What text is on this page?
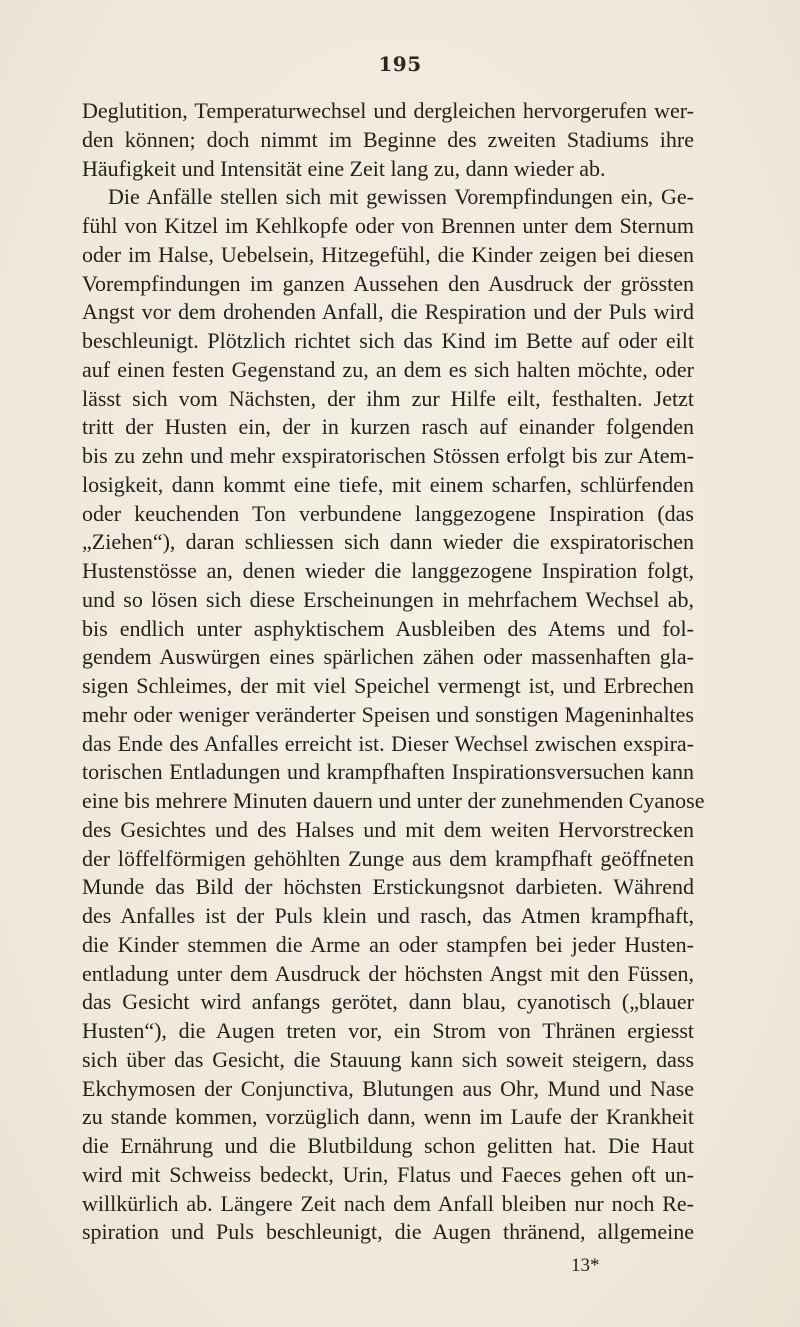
195
Deglutition, Temperaturwechsel und dergleichen hervorgerufen wer-
den können; doch nimmt im Beginne des zweiten Stadiums ihre
Häufigkeit und Intensität eine Zeit lang zu, dann wieder ab.
Die Anfälle stellen sich mit gewissen Vorempfindungen ein, Ge-
fühl von Kitzel im Kehlkopfe oder von Brennen unter dem Sternum
oder im Halse, Uebelsein, Hitzegefühl, die Kinder zeigen bei diesen
Vorempfindungen im ganzen Aussehen den Ausdruck der grössten
Angst vor dem drohenden Anfall, die Respiration und der Puls wird
beschleunigt. Plötzlich richtet sich das Kind im Bette auf oder eilt
auf einen festen Gegenstand zu, an dem es sich halten möchte, oder
lässt sich vom Nächsten, der ihm zur Hilfe eilt, festhalten. Jetzt
tritt der Husten ein, der in kurzen rasch auf einander folgenden
bis zu zehn und mehr exspiratorischen Stössen erfolgt bis zur Atem-
losigkeit, dann kommt eine tiefe, mit einem scharfen, schlürfenden
oder keuchenden Ton verbundene langgezogene Inspiration (das
„Ziehen“), daran schliessen sich dann wieder die exspiratorischen
Hustenstösse an, denen wieder die langgezogene Inspiration folgt,
und so lösen sich diese Erscheinungen in mehrfachem Wechsel ab,
bis endlich unter asphyktischem Ausbleiben des Atems und fol-
gendem Auswürgen eines spärlichen zähen oder massenhaften gla-
sigen Schleimes, der mit viel Speichel vermengt ist, und Erbrechen
mehr oder weniger veränderter Speisen und sonstigen Mageninhaltes
das Ende des Anfalles erreicht ist. Dieser Wechsel zwischen exspira-
torischen Entladungen und krampfhaften Inspirationsversuchen kann
eine bis mehrere Minuten dauern und unter der zunehmenden Cyanose
des Gesichtes und des Halses und mit dem weiten Hervorstrecken
der löffelförmigen gehöhlten Zunge aus dem krampfhaft geöffneten
Munde das Bild der höchsten Erstickungsnot darbieten. Während
des Anfalles ist der Puls klein und rasch, das Atmen krampfhaft,
die Kinder stemmen die Arme an oder stampfen bei jeder Husten-
entladung unter dem Ausdruck der höchsten Angst mit den Füssen,
das Gesicht wird anfangs gerötet, dann blau, cyanotisch („blauer
Husten“), die Augen treten vor, ein Strom von Thränen ergiesst
sich über das Gesicht, die Stauung kann sich soweit steigern, dass
Ekchymosen der Conjunctiva, Blutungen aus Ohr, Mund und Nase
zu stande kommen, vorzüglich dann, wenn im Laufe der Krankheit
die Ernährung und die Blutbildung schon gelitten hat. Die Haut
wird mit Schweiss bedeckt, Urin, Flatus und Faeces gehen oft un-
willkürlich ab. Längere Zeit nach dem Anfall bleiben nur noch Re-
spiration und Puls beschleunigt, die Augen thränend, allgemeine
13*
